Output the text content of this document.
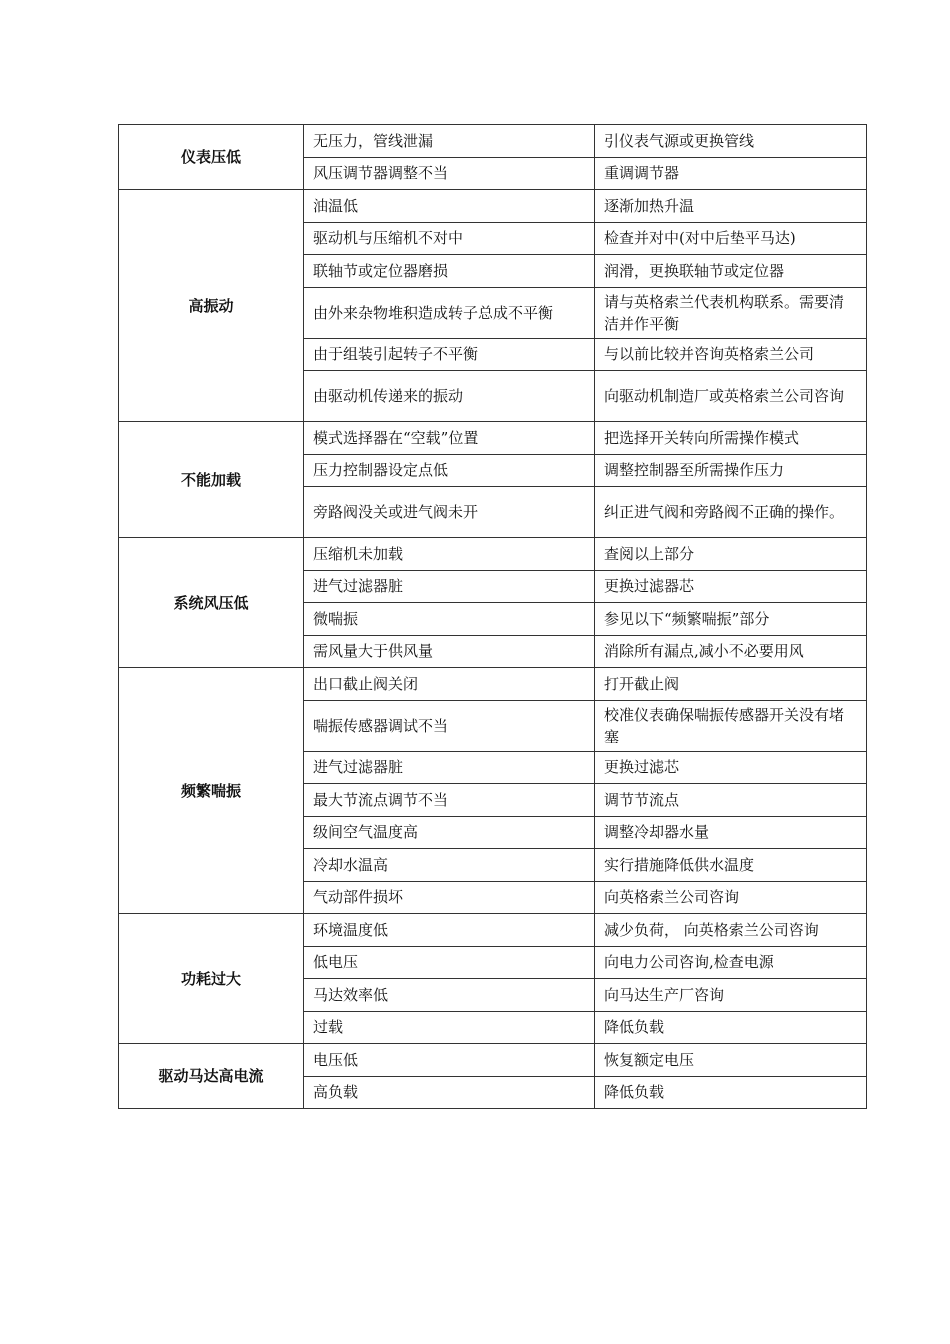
仪表压低	无压力，管线泄漏	引仪表气源或更换管线
	风压调节器调整不当	重调调节器
高振动	油温低	逐渐加热升温
	驱动机与压缩机不对中	检查并对中(对中后垫平马达)
	联轴节或定位器磨损	润滑，更换联轴节或定位器
	由外来杂物堆积造成转子总成不平衡	请与英格索兰代表机构联系。需要清洁并作平衡
	由于组装引起转子不平衡	与以前比较并咨询英格索兰公司
	由驱动机传递来的振动	向驱动机制造厂或英格索兰公司咨询
不能加载	模式选择器在“空载”位置	把选择开关转向所需操作模式
	压力控制器设定点低	调整控制器至所需操作压力
	旁路阀没关或进气阀未开	纠正进气阀和旁路阀不正确的操作。
系统风压低	压缩机未加载	查阅以上部分
	进气过滤器脏	更换过滤器芯
	微喘振	参见以下“频繁喘振”部分
	需风量大于供风量	消除所有漏点,减小不必要用风
频繁喘振	出口截止阀关闭	打开截止阀
	喘振传感器调试不当	校准仪表确保喘振传感器开关没有堵塞
	进气过滤器脏	更换过滤芯
	最大节流点调节不当	调节节流点
	级间空气温度高	调整冷却器水量
	冷却水温高	实行措施降低供水温度
	气动部件损坏	向英格索兰公司咨询
功耗过大	环境温度低	减少负荷， 向英格索兰公司咨询
	低电压	向电力公司咨询,检查电源
	马达效率低	向马达生产厂咨询
	过载	降低负载
驱动马达高电流	电压低	恢复额定电压
	高负载	降低负载
